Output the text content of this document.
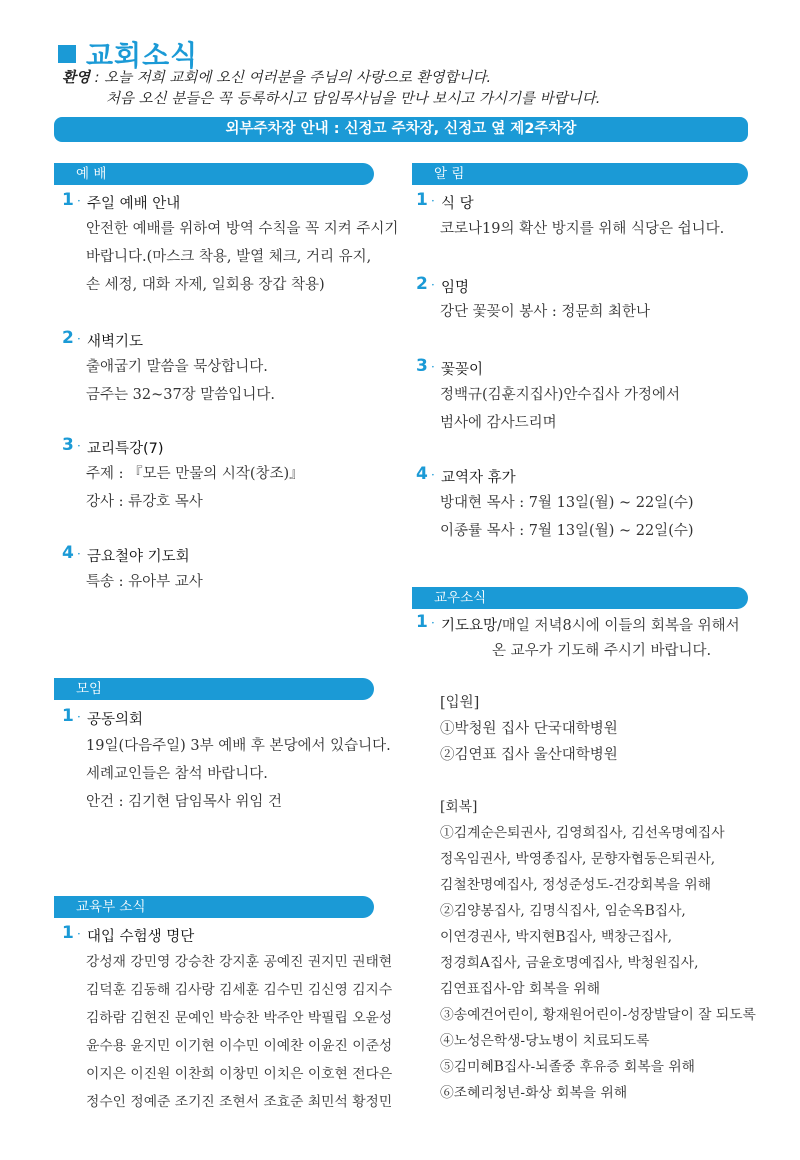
교회소식
환영 : 오늘 저희 교회에 오신 여러분을 주님의 사랑으로 환영합니다.
처음 오신 분들은 꼭 등록하시고 담임목사님을 만나 보시고 가시기를 바랍니다.
외부주차장 안내 : 신정고 주차장, 신정고 옆 제2주차장
예 배
1 · 주일 예배 안내
안전한 예배를 위하여 방역 수칙을 꼭 지켜 주시기
바랍니다.(마스크 착용, 발열 체크, 거리 유지,
손 세정, 대화 자제, 일회용 장갑 착용)
2 · 새벽기도
출애굽기 말씀을 묵상합니다.
금주는 32~37장 말씀입니다.
3 · 교리특강(7)
주제 : 『모든 만물의 시작(창조)』
강사 : 류강호 목사
4 · 금요철야 기도회
특송 : 유아부 교사
모임
1 · 공동의회
19일(다음주일) 3부 예배 후 본당에서 있습니다.
세례교인들은 참석 바랍니다.
안건 : 김기현 담임목사 위임 건
교육부 소식
1 · 대입 수험생 명단
강성재 강민영 강승찬 강지훈 공예진 권지민 권태현
김덕훈 김동해 김사랑 김세훈 김수민 김신영 김지수
김하람 김현진 문예인 박승찬 박주안 박필립 오윤성
윤수용 윤지민 이기현 이수민 이예찬 이윤진 이준성
이지은 이진원 이찬희 이창민 이치은 이호현 전다은
정수인 정예준 조기진 조현서 조효준 최민석 황정민
알 림
1 · 식 당
코로나19의 확산 방지를 위해 식당은 쉽니다.
2 · 임명
강단 꽃꽂이 봉사 : 정문희 최한나
3 · 꽃꽂이
정백규(김훈지집사)안수집사 가정에서
범사에 감사드리며
4 · 교역자 휴가
방대현 목사 : 7월 13일(월) ~ 22일(수)
이종률 목사 : 7월 13일(월) ~ 22일(수)
교우소식
1 · 기도요망/매일 저녁8시에 이들의 회복을 위해서
온 교우가 기도해 주시기 바랍니다.
[입원]
①박청원 집사 단국대학병원
②김연표 집사 울산대학병원
[회복]
①김계순은퇴권사, 김영희집사, 김선옥명예집사
정옥임권사, 박영종집사, 문향자협동은퇴권사,
김철찬명예집사, 정성준성도-건강회복을 위해
②김양봉집사, 김명식집사, 임순옥B집사,
이연경권사, 박지현B집사, 백창근집사,
정경희A집사, 금윤호명예집사, 박청원집사,
김연표집사-암 회복을 위해
③송예건어린이, 황재원어린이-성장발달이 잘 되도록
④노성은학생-당뇨병이 치료되도록
⑤김미혜B집사-뇌졸중 후유증 회복을 위해
⑥조혜리청년-화상 회복을 위해
